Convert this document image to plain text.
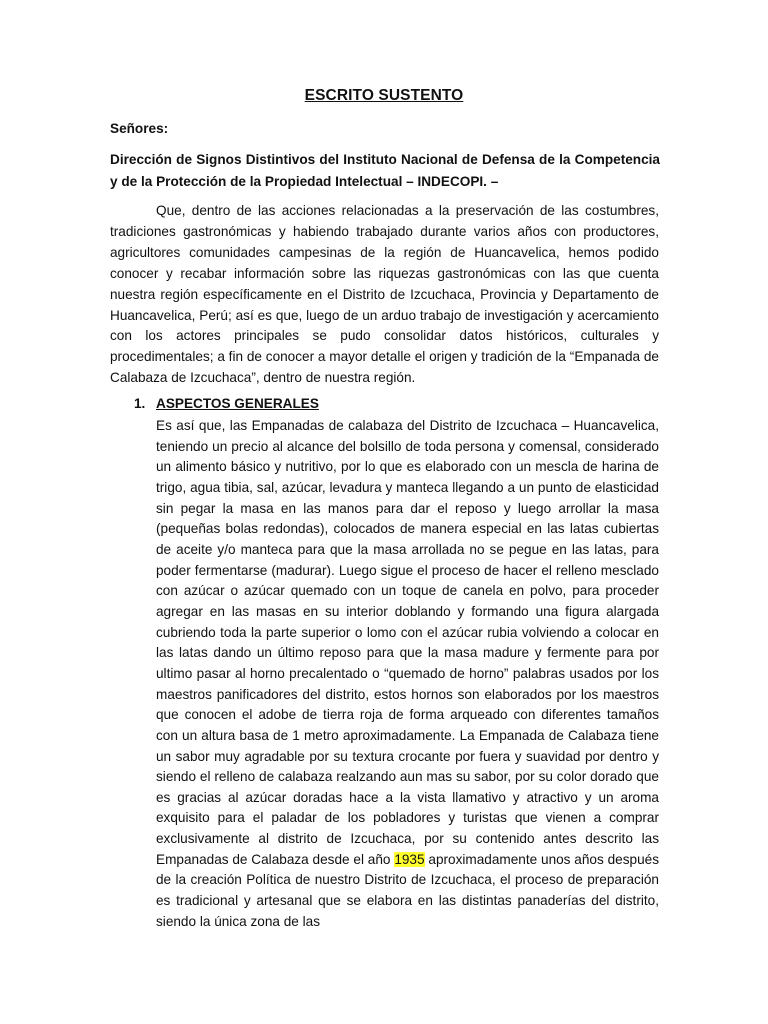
ESCRITO SUSTENTO
Señores:
Dirección de Signos Distintivos del Instituto Nacional de Defensa de la Competencia y de la Protección de la Propiedad Intelectual – INDECOPI. –
Que, dentro de las acciones relacionadas a la preservación de las costumbres, tradiciones gastronómicas y habiendo trabajado durante varios años con productores, agricultores comunidades campesinas de la región de Huancavelica, hemos podido conocer y recabar información sobre las riquezas gastronómicas con las que cuenta nuestra región específicamente en el Distrito de Izcuchaca, Provincia y Departamento de Huancavelica, Perú; así es que, luego de un arduo trabajo de investigación y acercamiento con los actores principales se pudo consolidar datos históricos, culturales y procedimentales; a fin de conocer a mayor detalle el origen y tradición de la “Empanada de Calabaza de Izcuchaca”, dentro de nuestra región.
1. ASPECTOS GENERALES
Es así que, las Empanadas de calabaza del Distrito de Izcuchaca – Huancavelica, teniendo un precio al alcance del bolsillo de toda persona y comensal, considerado un alimento básico y nutritivo, por lo que es elaborado con un mescla de harina de trigo, agua tibia, sal, azúcar, levadura y manteca llegando a un punto de elasticidad sin pegar la masa en las manos para dar el reposo y luego arrollar la masa (pequeñas bolas redondas), colocados de manera especial en las latas cubiertas de aceite y/o manteca para que la masa arrollada no se pegue en las latas, para poder fermentarse (madurar). Luego sigue el proceso de hacer el relleno mesclado con azúcar o azúcar quemado con un toque de canela en polvo, para proceder agregar en las masas en su interior doblando y formando una figura alargada cubriendo toda la parte superior o lomo con el azúcar rubia volviendo a colocar en las latas dando un último reposo para que la masa madure y fermente para por ultimo pasar al horno precalentado o “quemado de horno” palabras usados por los maestros panificadores del distrito, estos hornos son elaborados por los maestros que conocen el adobe de tierra roja de forma arqueado con diferentes tamaños con un altura basa de 1 metro aproximadamente. La Empanada de Calabaza tiene un sabor muy agradable por su textura crocante por fuera y suavidad por dentro y siendo el relleno de calabaza realzando aun mas su sabor, por su color dorado que es gracias al azúcar doradas hace a la vista llamativo y atractivo y un aroma exquisito para el paladar de los pobladores y turistas que vienen a comprar exclusivamente al distrito de Izcuchaca, por su contenido antes descrito las Empanadas de Calabaza desde el año 1935 aproximadamente unos años después de la creación Política de nuestro Distrito de Izcuchaca, el proceso de preparación es tradicional y artesanal que se elabora en las distintas panaderías del distrito, siendo la única zona de las
